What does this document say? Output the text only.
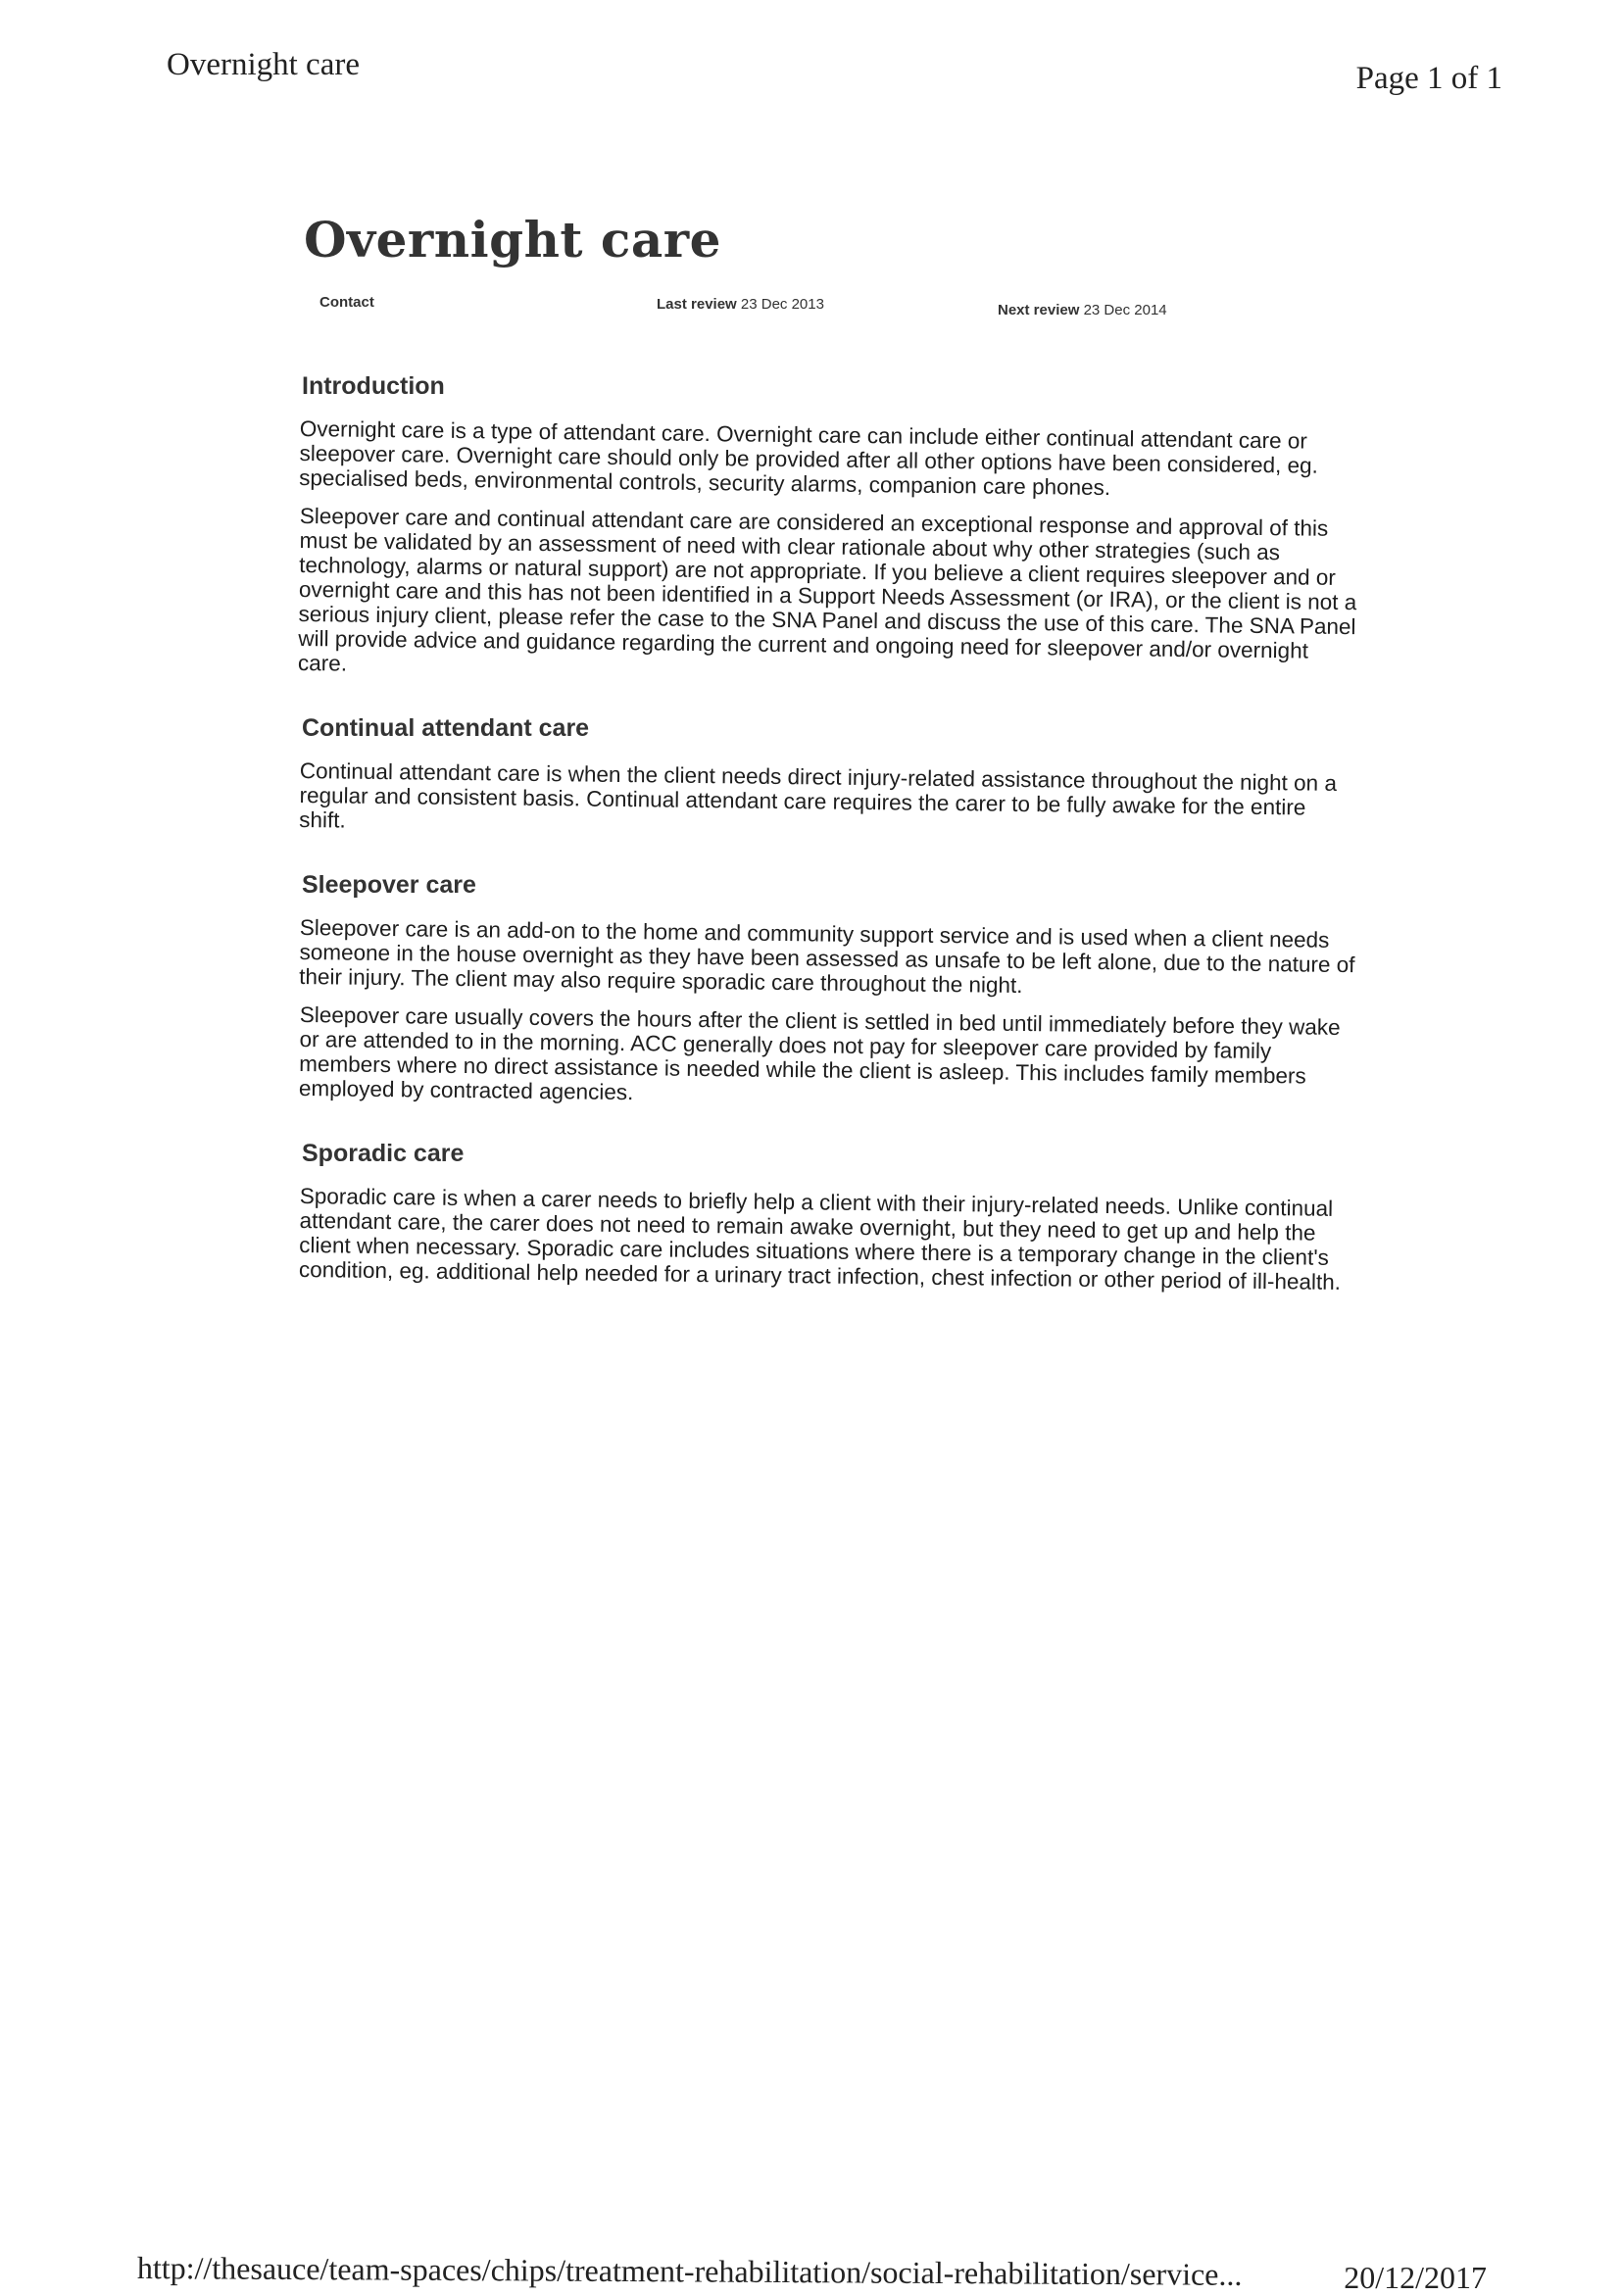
Overnight care	Page 1 of 1
Overnight care
Contact	Last review 23 Dec 2013	Next review 23 Dec 2014
Introduction

Overnight care is a type of attendant care. Overnight care can include either continual attendant care or sleepover care. Overnight care should only be provided after all other options have been considered, eg. specialised beds, environmental controls, security alarms, companion care phones.

Sleepover care and continual attendant care are considered an exceptional response and approval of this must be validated by an assessment of need with clear rationale about why other strategies (such as technology, alarms or natural support) are not appropriate. If you believe a client requires sleepover and or overnight care and this has not been identified in a Support Needs Assessment (or IRA), or the client is not a serious injury client, please refer the case to the SNA Panel and discuss the use of this care. The SNA Panel will provide advice and guidance regarding the current and ongoing need for sleepover and/or overnight care.

Continual attendant care

Continual attendant care is when the client needs direct injury-related assistance throughout the night on a regular and consistent basis. Continual attendant care requires the carer to be fully awake for the entire shift.

Sleepover care

Sleepover care is an add-on to the home and community support service and is used when a client needs someone in the house overnight as they have been assessed as unsafe to be left alone, due to the nature of their injury. The client may also require sporadic care throughout the night.

Sleepover care usually covers the hours after the client is settled in bed until immediately before they wake or are attended to in the morning. ACC generally does not pay for sleepover care provided by family members where no direct assistance is needed while the client is asleep. This includes family members employed by contracted agencies.

Sporadic care

Sporadic care is when a carer needs to briefly help a client with their injury-related needs. Unlike continual attendant care, the carer does not need to remain awake overnight, but they need to get up and help the client when necessary. Sporadic care includes situations where there is a temporary change in the client's condition, eg. additional help needed for a urinary tract infection, chest infection or other period of ill-health.

http://thesauce/team-spaces/chips/treatment-rehabilitation/social-rehabilitation/service...	20/12/2017
